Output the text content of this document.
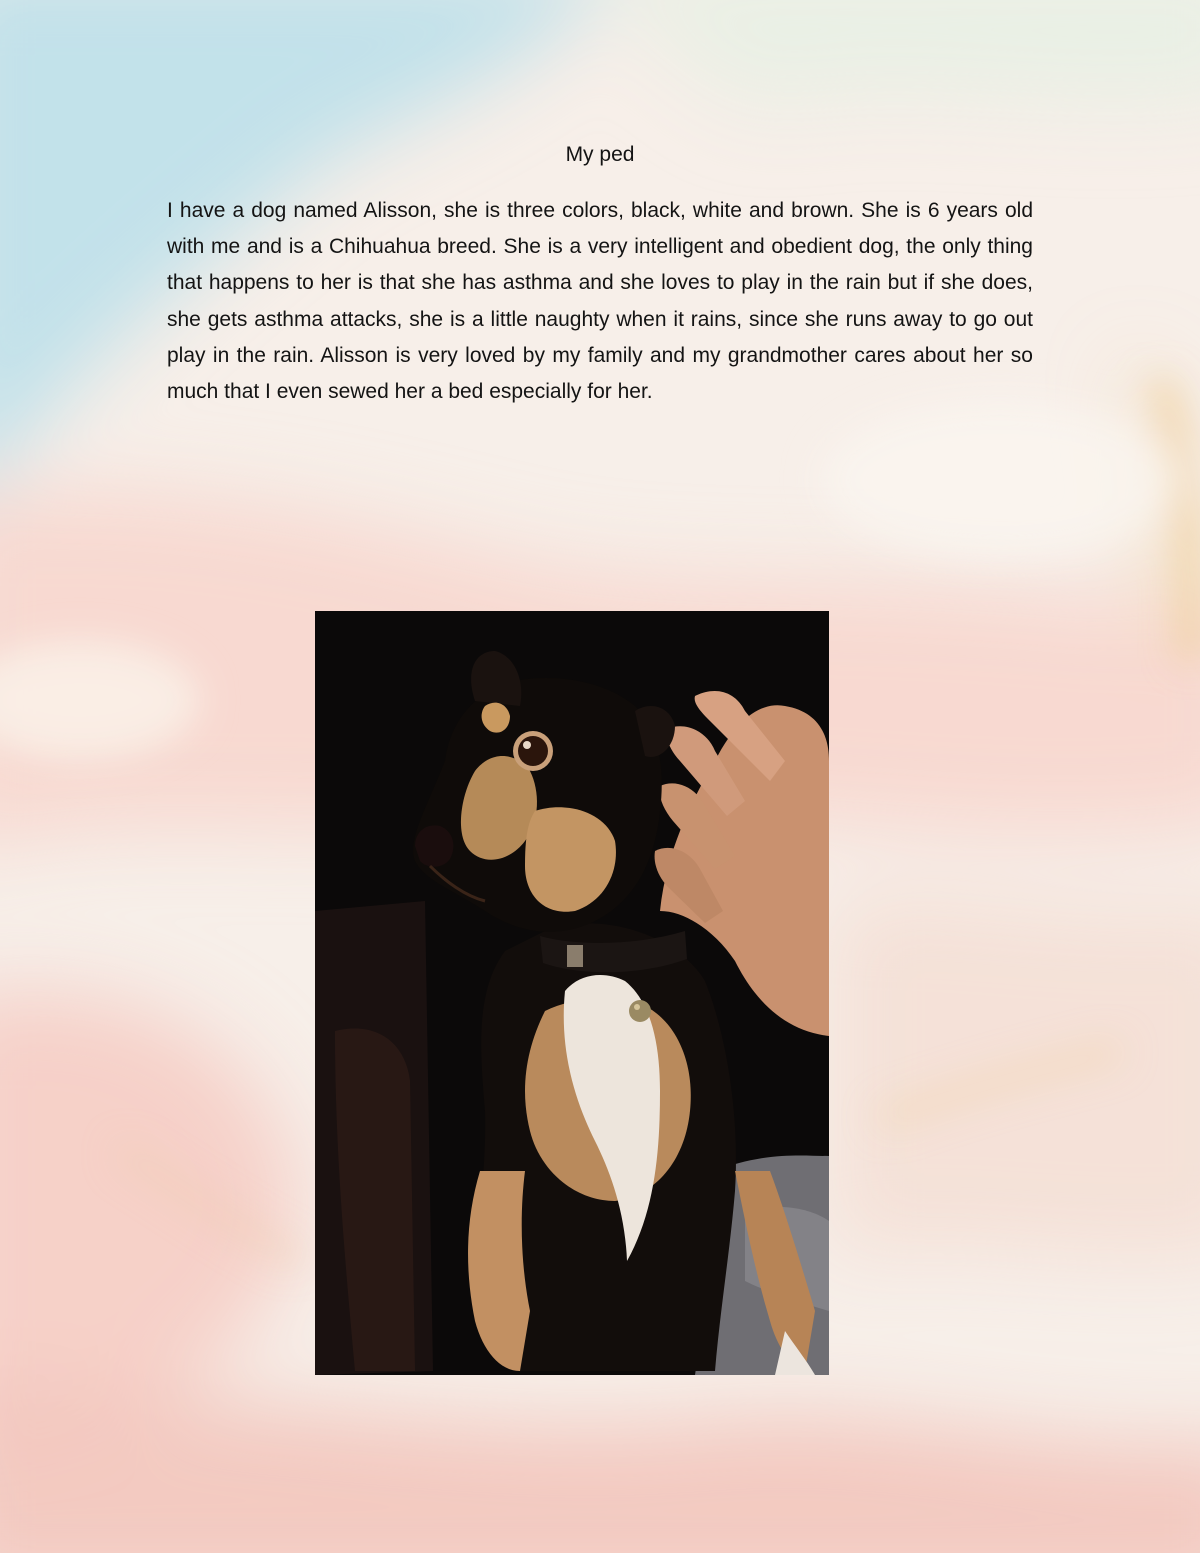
My ped

I have a dog named Alisson, she is three colors, black, white and brown. She is 6 years old with me and is a Chihuahua breed. She is a very intelligent and obedient dog, the only thing that happens to her is that she has asthma and she loves to play in the rain but if she does, she gets asthma attacks, she is a little naughty when it rains, since she runs away to go out play in the rain. Alisson is very loved by my family and my grandmother cares about her so much that I even sewed her a bed especially for her.
